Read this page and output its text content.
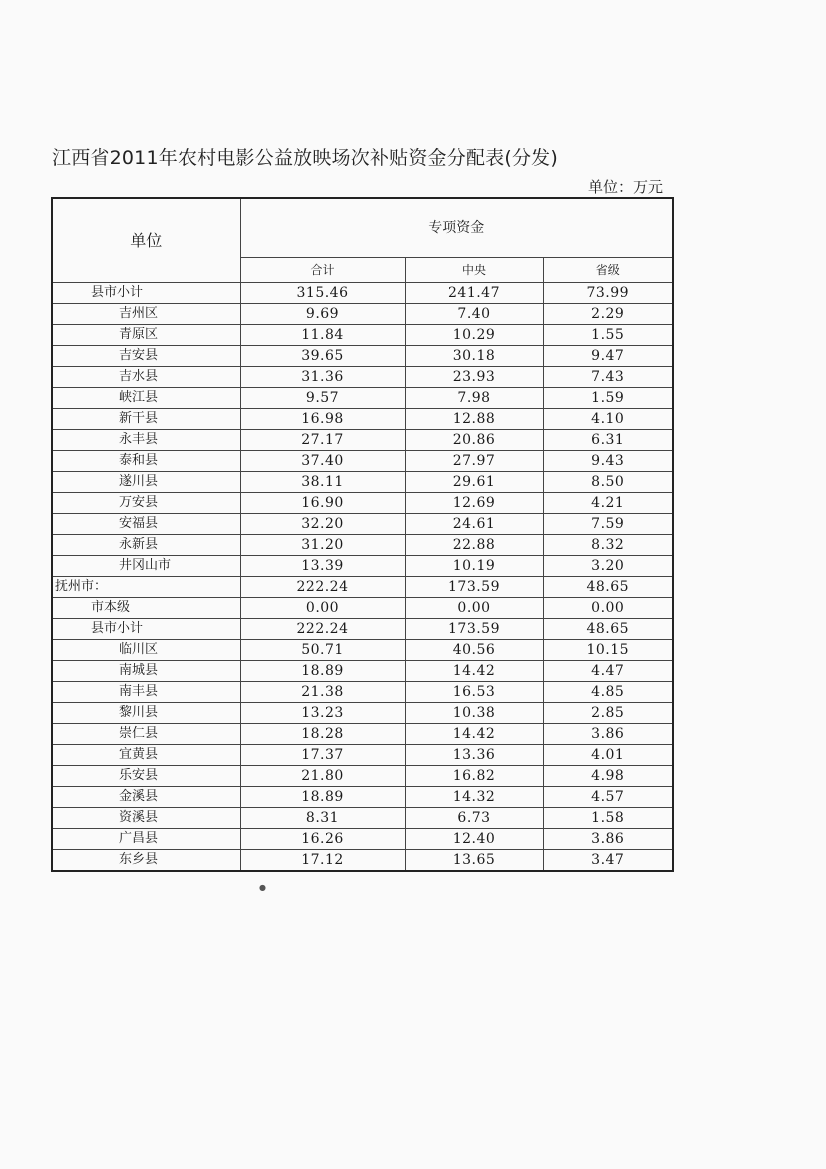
江西省2011年农村电影公益放映场次补贴资金分配表(分发)
单位：万元
单位	专项资金		
	合计	中央	省级
县市小计	315.46	241.47	73.99
吉州区	9.69	7.40	2.29
青原区	11.84	10.29	1.55
吉安县	39.65	30.18	9.47
吉水县	31.36	23.93	7.43
峡江县	9.57	7.98	1.59
新干县	16.98	12.88	4.10
永丰县	27.17	20.86	6.31
泰和县	37.40	27.97	9.43
遂川县	38.11	29.61	8.50
万安县	16.90	12.69	4.21
安福县	32.20	24.61	7.59
永新县	31.20	22.88	8.32
井冈山市	13.39	10.19	3.20
抚州市：	222.24	173.59	48.65
市本级	0.00	0.00	0.00
县市小计	222.24	173.59	48.65
临川区	50.71	40.56	10.15
南城县	18.89	14.42	4.47
南丰县	21.38	16.53	4.85
黎川县	13.23	10.38	2.85
崇仁县	18.28	14.42	3.86
宜黄县	17.37	13.36	4.01
乐安县	21.80	16.82	4.98
金溪县	18.89	14.32	4.57
资溪县	8.31	6.73	1.58
广昌县	16.26	12.40	3.86
东乡县	17.12	13.65	3.47
●
